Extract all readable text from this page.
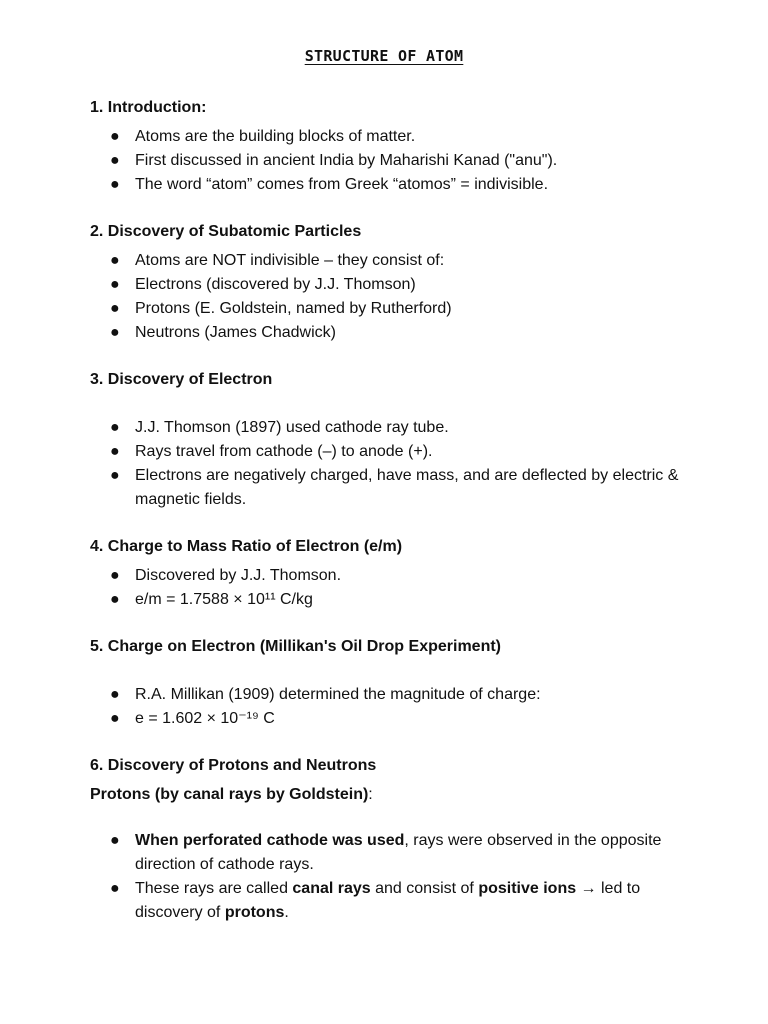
STRUCTURE OF ATOM

1. Introduction:

● Atoms are the building blocks of matter.
● First discussed in ancient India by Maharishi Kanad ("anu").
● The word “atom” comes from Greek “atomos” = indivisible.

2. Discovery of Subatomic Particles

● Atoms are NOT indivisible – they consist of:
● Electrons (discovered by J.J. Thomson)
● Protons (E. Goldstein, named by Rutherford)
● Neutrons (James Chadwick)

3. Discovery of Electron

● J.J. Thomson (1897) used cathode ray tube.
● Rays travel from cathode (–) to anode (+).
● Electrons are negatively charged, have mass, and are deflected by electric & magnetic fields.

4. Charge to Mass Ratio of Electron (e/m)

● Discovered by J.J. Thomson.
● e/m = 1.7588 × 10¹¹ C/kg

5. Charge on Electron (Millikan's Oil Drop Experiment)

● R.A. Millikan (1909) determined the magnitude of charge:
● e = 1.602 × 10⁻¹⁹ C

6. Discovery of Protons and Neutrons

Protons (by canal rays by Goldstein):

● When perforated cathode was used, rays were observed in the opposite direction of cathode rays.
● These rays are called canal rays and consist of positive ions → led to discovery of protons.
